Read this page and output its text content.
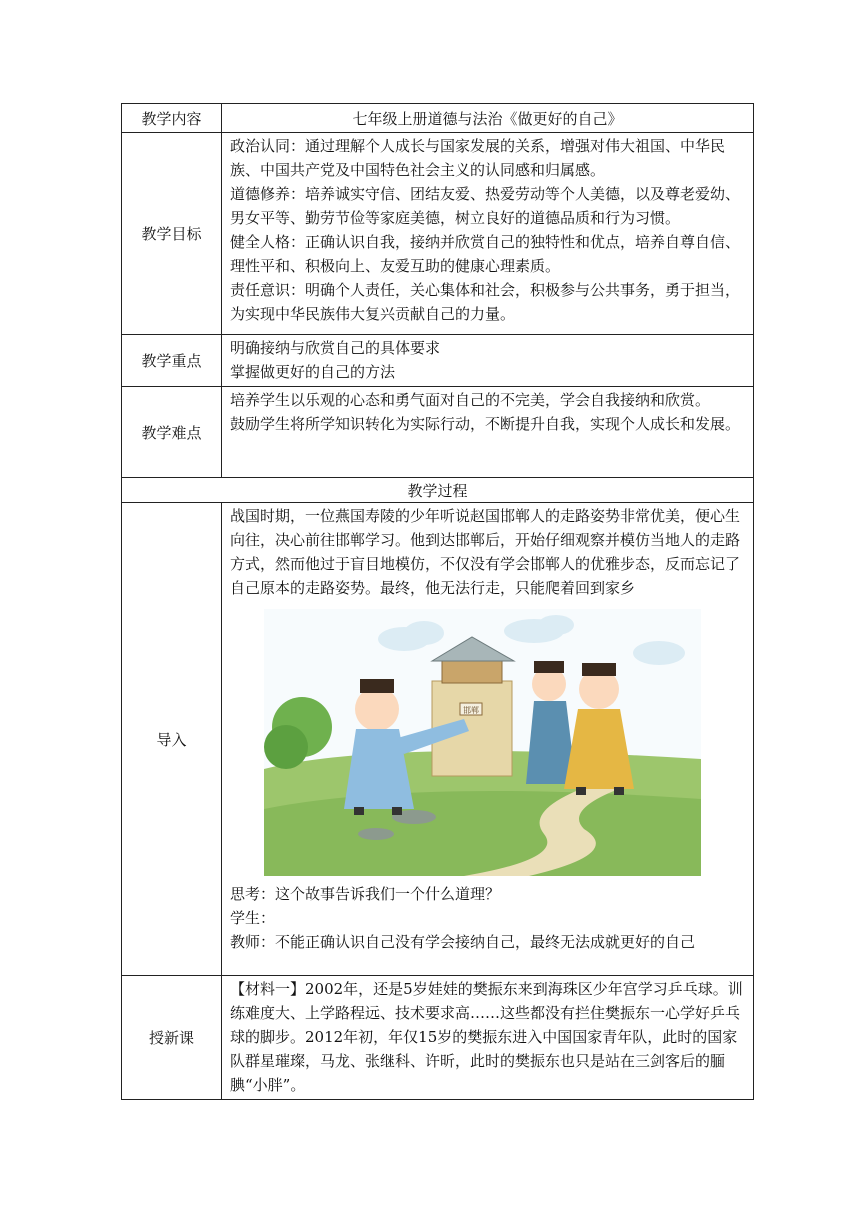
教学内容	七年级上册道德与法治《做更好的自己》
教学目标	政治认同：通过理解个人成长与国家发展的关系，增强对伟大祖国、中华民族、中国共产党及中国特色社会主义的认同感和归属感。

道德修养：培养诚实守信、团结友爱、热爱劳动等个人美德，以及尊老爱幼、男女平等、勤劳节俭等家庭美德，树立良好的道德品质和行为习惯。

健全人格：正确认识自我，接纳并欣赏自己的独特性和优点，培养自尊自信、理性平和、积极向上、友爱互助的健康心理素质。

责任意识：明确个人责任，关心集体和社会，积极参与公共事务，勇于担当，为实现中华民族伟大复兴贡献自己的力量。

教学重点	明确接纳与欣赏自己的具体要求

掌握做更好的自己的方法

教学难点	培养学生以乐观的心态和勇气面对自己的不完美，学会自我接纳和欣赏。

鼓励学生将所学知识转化为实际行动，不断提升自我，实现个人成长和发展。

教学过程	
导入	战国时期，一位燕国寿陵的少年听说赵国邯郸人的走路姿势非常优美，便心生向往，决心前往邯郸学习。他到达邯郸后，开始仔细观察并模仿当地人的走路方式，然而他过于盲目地模仿，不仅没有学会邯郸人的优雅步态，反而忘记了自己原本的走路姿势。最终，他无法行走，只能爬着回到家乡

邯郸

思考：这个故事告诉我们一个什么道理？

学生：

教师：不能正确认识自己没有学会接纳自己，最终无法成就更好的自己

授新课	【材料一】2002年，还是5岁娃娃的樊振东来到海珠区少年宫学习乒乓球。训练难度大、上学路程远、技术要求高……这些都没有拦住樊振东一心学好乒乓球的脚步。2012年初，年仅15岁的樊振东进入中国国家青年队，此时的国家队群星璀璨，马龙、张继科、许昕，此时的樊振东也只是站在三剑客后的腼腆“小胖”。
